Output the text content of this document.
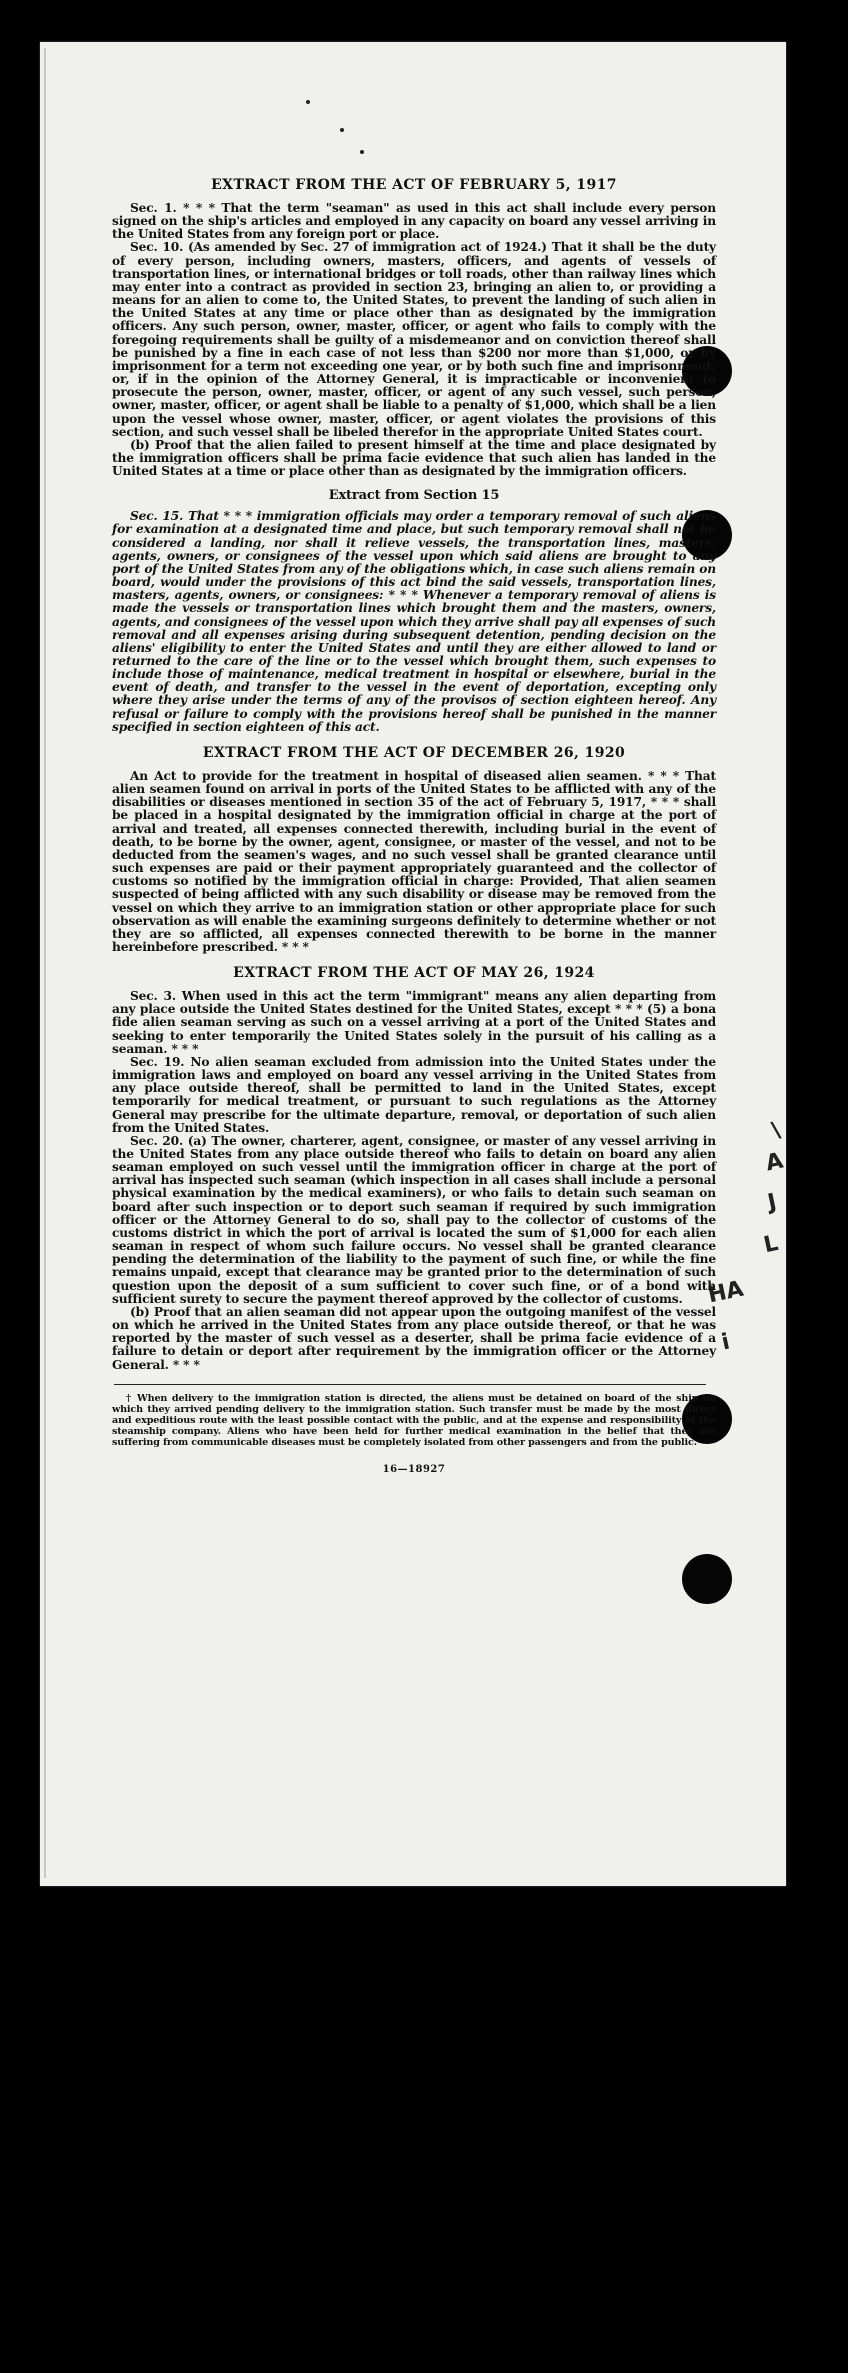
\
A
J
L
HA
i
EXTRACT FROM THE ACT OF FEBRUARY 5, 1917

Sec. 1. * * * That the term "seaman" as used in this act shall include every person signed on the ship's articles and employed in any capacity on board any vessel arriving in the United States from any foreign port or place.

Sec. 10. (As amended by Sec. 27 of immigration act of 1924.) That it shall be the duty of every person, including owners, masters, officers, and agents of vessels of transportation lines, or international bridges or toll roads, other than railway lines which may enter into a contract as provided in section 23, bringing an alien to, or providing a means for an alien to come to, the United States, to prevent the landing of such alien in the United States at any time or place other than as designated by the immigration officers. Any such person, owner, master, officer, or agent who fails to comply with the foregoing requirements shall be guilty of a misdemeanor and on conviction thereof shall be punished by a fine in each case of not less than $200 nor more than $1,000, or by imprisonment for a term not exceeding one year, or by both such fine and imprisonment; or, if in the opinion of the Attorney General, it is impracticable or inconvenient to prosecute the person, owner, master, officer, or agent of any such vessel, such person, owner, master, officer, or agent shall be liable to a penalty of $1,000, which shall be a lien upon the vessel whose owner, master, officer, or agent violates the provisions of this section, and such vessel shall be libeled therefor in the appropriate United States court.

(b) Proof that the alien failed to present himself at the time and place designated by the immigration officers shall be prima facie evidence that such alien has landed in the United States at a time or place other than as designated by the immigration officers.

Extract from Section 15

Sec. 15. That * * * immigration officials may order a temporary removal of such aliens for examination at a designated time and place, but such temporary removal shall not be considered a landing, nor shall it relieve vessels, the transportation lines, masters, agents, owners, or consignees of the vessel upon which said aliens are brought to any port of the United States from any of the obligations which, in case such aliens remain on board, would under the provisions of this act bind the said vessels, transportation lines, masters, agents, owners, or consignees: * * * Whenever a temporary removal of aliens is made the vessels or transportation lines which brought them and the masters, owners, agents, and consignees of the vessel upon which they arrive shall pay all expenses of such removal and all expenses arising during subsequent detention, pending decision on the aliens' eligibility to enter the United States and until they are either allowed to land or returned to the care of the line or to the vessel which brought them, such expenses to include those of maintenance, medical treatment in hospital or elsewhere, burial in the event of death, and transfer to the vessel in the event of deportation, excepting only where they arise under the terms of any of the provisos of section eighteen hereof. Any refusal or failure to comply with the provisions hereof shall be punished in the manner specified in section eighteen of this act.

EXTRACT FROM THE ACT OF DECEMBER 26, 1920

An Act to provide for the treatment in hospital of diseased alien seamen. * * * That alien seamen found on arrival in ports of the United States to be afflicted with any of the disabilities or diseases mentioned in section 35 of the act of February 5, 1917, * * * shall be placed in a hospital designated by the immigration official in charge at the port of arrival and treated, all expenses connected therewith, including burial in the event of death, to be borne by the owner, agent, consignee, or master of the vessel, and not to be deducted from the seamen's wages, and no such vessel shall be granted clearance until such expenses are paid or their payment appropriately guaranteed and the collector of customs so notified by the immigration official in charge: Provided, That alien seamen suspected of being afflicted with any such disability or disease may be removed from the vessel on which they arrive to an immigration station or other appropriate place for such observation as will enable the examining surgeons definitely to determine whether or not they are so afflicted, all expenses connected therewith to be borne in the manner hereinbefore prescribed. * * *

EXTRACT FROM THE ACT OF MAY 26, 1924

Sec. 3. When used in this act the term "immigrant" means any alien departing from any place outside the United States destined for the United States, except * * * (5) a bona fide alien seaman serving as such on a vessel arriving at a port of the United States and seeking to enter temporarily the United States solely in the pursuit of his calling as a seaman. * * *

Sec. 19. No alien seaman excluded from admission into the United States under the immigration laws and employed on board any vessel arriving in the United States from any place outside thereof, shall be permitted to land in the United States, except temporarily for medical treatment, or pursuant to such regulations as the Attorney General may prescribe for the ultimate departure, removal, or deportation of such alien from the United States.

Sec. 20. (a) The owner, charterer, agent, consignee, or master of any vessel arriving in the United States from any place outside thereof who fails to detain on board any alien seaman employed on such vessel until the immigration officer in charge at the port of arrival has inspected such seaman (which inspection in all cases shall include a personal physical examination by the medical examiners), or who fails to detain such seaman on board after such inspection or to deport such seaman if required by such immigration officer or the Attorney General to do so, shall pay to the collector of customs of the customs district in which the port of arrival is located the sum of $1,000 for each alien seaman in respect of whom such failure occurs. No vessel shall be granted clearance pending the determination of the liability to the payment of such fine, or while the fine remains unpaid, except that clearance may be granted prior to the determination of such question upon the deposit of a sum sufficient to cover such fine, or of a bond with sufficient surety to secure the payment thereof approved by the collector of customs.

(b) Proof that an alien seaman did not appear upon the outgoing manifest of the vessel on which he arrived in the United States from any place outside thereof, or that he was reported by the master of such vessel as a deserter, shall be prima facie evidence of a failure to detain or deport after requirement by the immigration officer or the Attorney General. * * *

† When delivery to the immigration station is directed, the aliens must be detained on board of the ship on which they arrived pending delivery to the immigration station. Such transfer must be made by the most direct and expeditious route with the least possible contact with the public, and at the expense and responsibility of the steamship company. Aliens who have been held for further medical examination in the belief that they are suffering from communicable diseases must be completely isolated from other passengers and from the public.

16—18927
